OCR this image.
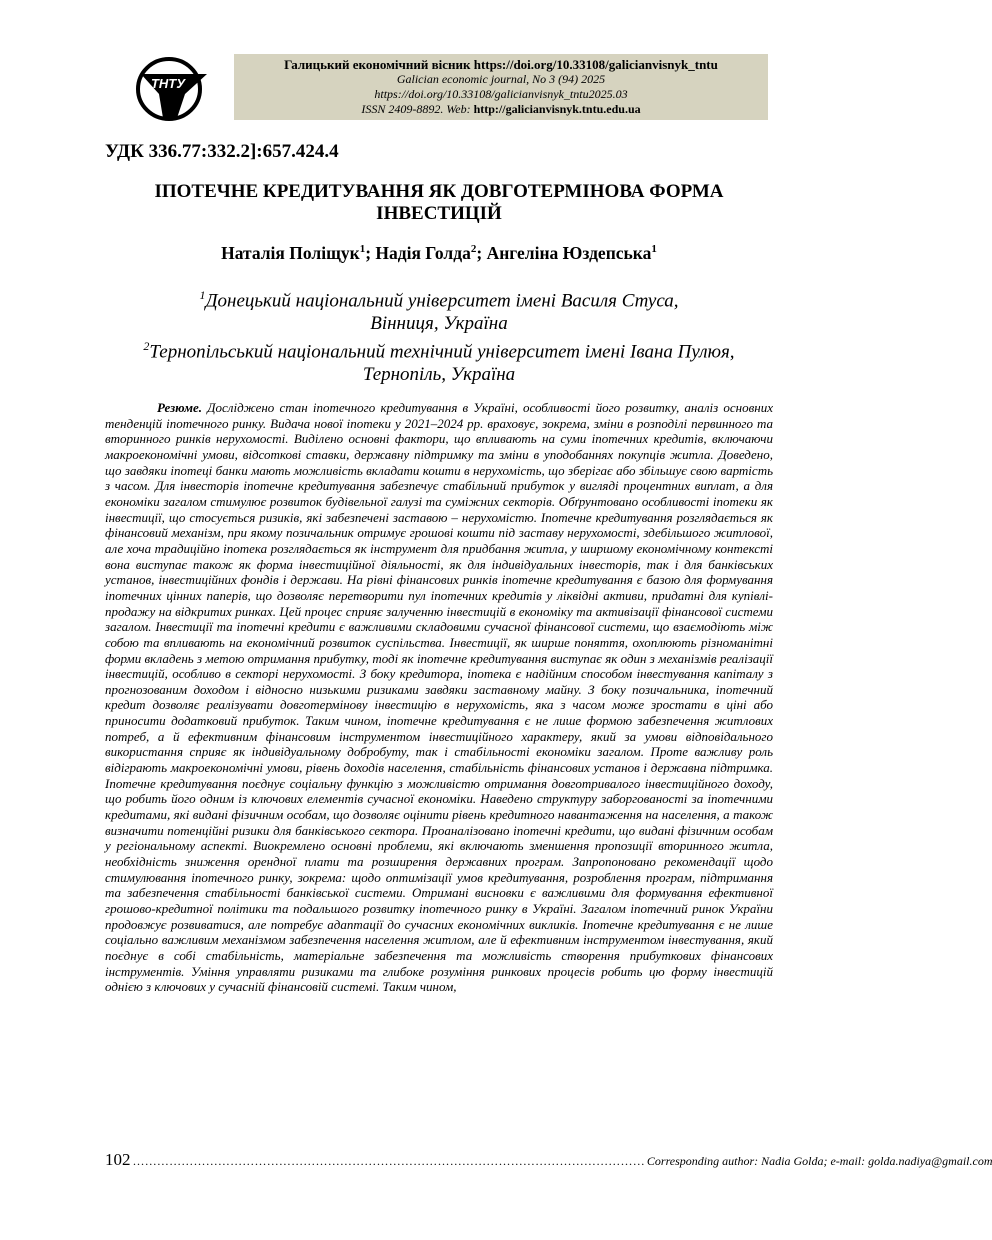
ТНТУ
Галицький економічний вісник https://doi.org/10.33108/galicianvisnyk_tntu
Galician economic journal, No 3 (94) 2025
https://doi.org/10.33108/galicianvisnyk_tntu2025.03
ISSN 2409-8892. Web: http://galicianvisnyk.tntu.edu.ua
УДК 336.77:332.2]:657.424.4
ІПОТЕЧНЕ КРЕДИТУВАННЯ ЯК ДОВГОТЕРМІНОВА ФОРМА ІНВЕСТИЦІЙ
Наталія Поліщук$^1$; Надія Голда$^2$; Ангеліна Юздепська$^1$
$^1$Донецький національний університет імені Василя Стуса,
Вінниця, Україна
$^2$Тернопільський національний технічний університет імені Івана Пулюя,
Тернопіль, Україна

Резюме. Досліджено стан іпотечного кредитування в Україні, особливості його розвитку, аналіз основних тенденцій іпотечного ринку. Видача нової іпотеки у 2021–2024 рр. враховує, зокрема, зміни в розподілі первинного та вторинного ринків нерухомості. Виділено основні фактори, що впливають на суми іпотечних кредитів, включаючи макроекономічні умови, відсоткові ставки, державну підтримку та зміни в уподобаннях покупців житла. Доведено, що завдяки іпотеці банки мають можливість вкладати кошти в нерухомість, що зберігає або збільшує свою вартість з часом. Для інвесторів іпотечне кредитування забезпечує стабільний прибуток у вигляді процентних виплат, а для економіки загалом стимулює розвиток будівельної галузі та суміжних секторів. Обґрунтовано особливості іпотеки як інвестиції, що стосується ризиків, які забезпечені заставою – нерухомістю. Іпотечне кредитування розглядається як фінансовий механізм, при якому позичальник отримує грошові кошти під заставу нерухомості, здебільшого житлової, але хоча традиційно іпотека розглядається як інструмент для придбання житла, у ширшому економічному контексті вона виступає також як форма інвестиційної діяльності, як для індивідуальних інвесторів, так і для банківських установ, інвестиційних фондів і держави. На рівні фінансових ринків іпотечне кредитування є базою для формування іпотечних цінних паперів, що дозволяє перетворити пул іпотечних кредитів у ліквідні активи, придатні для купівлі-продажу на відкритих ринках. Цей процес сприяє залученню інвестицій в економіку та активізації фінансової системи загалом. Інвестиції та іпотечні кредити є важливими складовими сучасної фінансової системи, що взаємодіють між собою та впливають на економічний розвиток суспільства. Інвестиції, як ширше поняття, охоплюють різноманітні форми вкладень з метою отримання прибутку, тоді як іпотечне кредитування виступає як один з механізмів реалізації інвестицій, особливо в секторі нерухомості. З боку кредитора, іпотека є надійним способом інвестування капіталу з прогнозованим доходом і відносно низькими ризиками завдяки заставному майну. З боку позичальника, іпотечний кредит дозволяє реалізувати довготермінову інвестицію в нерухомість, яка з часом може зростати в ціні або приносити додатковий прибуток. Таким чином, іпотечне кредитування є не лише формою забезпечення житлових потреб, а й ефективним фінансовим інструментом інвестиційного характеру, який за умови відповідального використання сприяє як індивідуальному добробуту, так і стабільності економіки загалом. Проте важливу роль відіграють макроекономічні умови, рівень доходів населення, стабільність фінансових установ і державна підтримка. Іпотечне кредитування поєднує соціальну функцію з можливістю отримання довготривалого інвестиційного доходу, що робить його одним із ключових елементів сучасної економіки. Наведено структуру заборгованості за іпотечними кредитами, які видані фізичним особам, що дозволяє оцінити рівень кредитного навантаження на населення, а також визначити потенційні ризики для банківського сектора. Проаналізовано іпотечні кредити, що видані фізичним особам у регіональному аспекті. Виокремлено основні проблеми, які включають зменшення пропозиції вторинного житла, необхідність зниження орендної плати та розширення державних програм. Запропоновано рекомендації щодо стимулювання іпотечного ринку, зокрема: щодо оптимізації умов кредитування, розроблення програм, підтримання та забезпечення стабільності банківської системи. Отримані висновки є важливими для формування ефективної грошово-кредитної політики та подальшого розвитку іпотечного ринку в Україні. Загалом іпотечний ринок України продовжує розвиватися, але потребує адаптації до сучасних економічних викликів. Іпотечне кредитування є не лише соціально важливим механізмом забезпечення населення житлом, але й ефективним інструментом інвестування, який поєднує в собі стабільність, матеріальне забезпечення та можливість створення прибуткових фінансових інструментів. Уміння управляти ризиками та глибоке розуміння ринкових процесів робить цю форму інвестицій однією з ключових у сучасній фінансовій системі. Таким чином,

102 ……………………………………………………………………………………………………………… Corresponding author: Nadia Golda; e-mail: golda.nadiya@gmail.com
